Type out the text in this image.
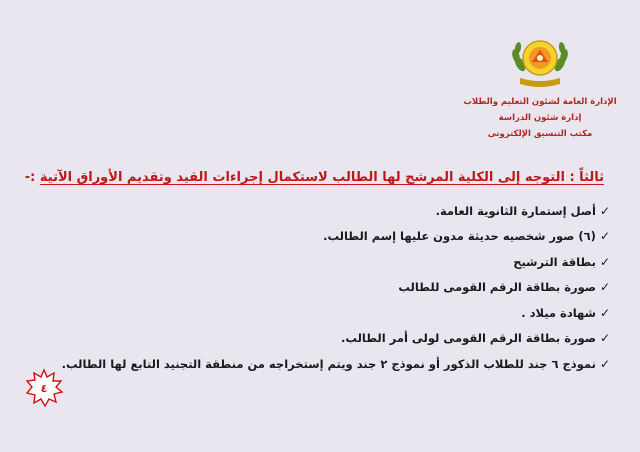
الإدارة العامة لشئون التعليم والطلاب
إدارة شئون الدراسة
مكتب التنسيق الإلكترونى
ثالثاً : التوجه إلى الكلية المرشح لها الطالب لاستكمال إجراءات القيد وتقديم الأوراق الآتية :-
✓
أصل إستمارة الثانوية العامة.
✓
(٦) صور شخصيه حديثة مدون عليها إسم الطالب.
✓
بطاقة الترشيح
✓
صورة بطاقة الرقم القومى للطالب
✓
شهادة ميلاد .
✓
صورة بطاقة الرقم القومى لولى أمر الطالب.
✓
نموذج ٦ جند للطلاب الذكور أو نموذج ٢ جند ويتم إستخراجه من منطقة التجنيد التابع لها الطالب.
٤
